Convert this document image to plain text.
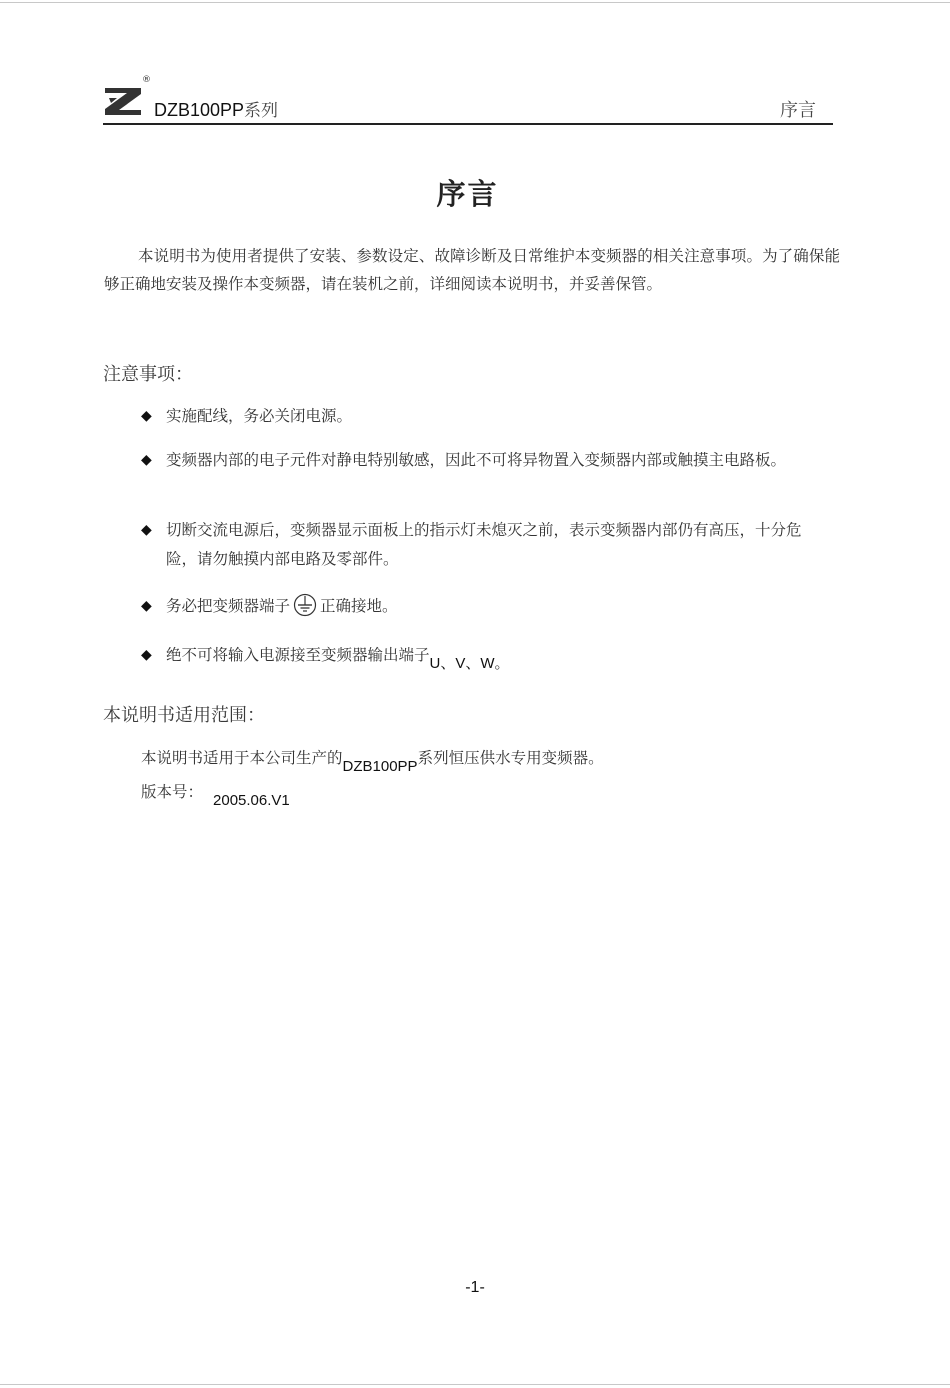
®
DZB100PP系列	序言
序言

本说明书为使用者提供了安装、参数设定、故障诊断及日常维护本变频器的相关注意事项。为了确保能够正确地安装及操作本变频器，请在装机之前，详细阅读本说明书，并妥善保管。

注意事项：
◆ 实施配线，务必关闭电源。
◆ 变频器内部的电子元件对静电特别敏感，因此不可将异物置入变频器内部或触摸主电路板。
◆ 切断交流电源后，变频器显示面板上的指示灯未熄灭之前，表示变频器内部仍有高压，十分危险，请勿触摸内部电路及零部件。
◆ 务必把变频器端子 正确接地。
◆ 绝不可将输入电源接至变频器输出端子U、V、W。
本说明书适用范围：
本说明书适用于本公司生产的DZB100PP系列恒压供水专用变频器。
版本号： 2005.06.V1
-1-
